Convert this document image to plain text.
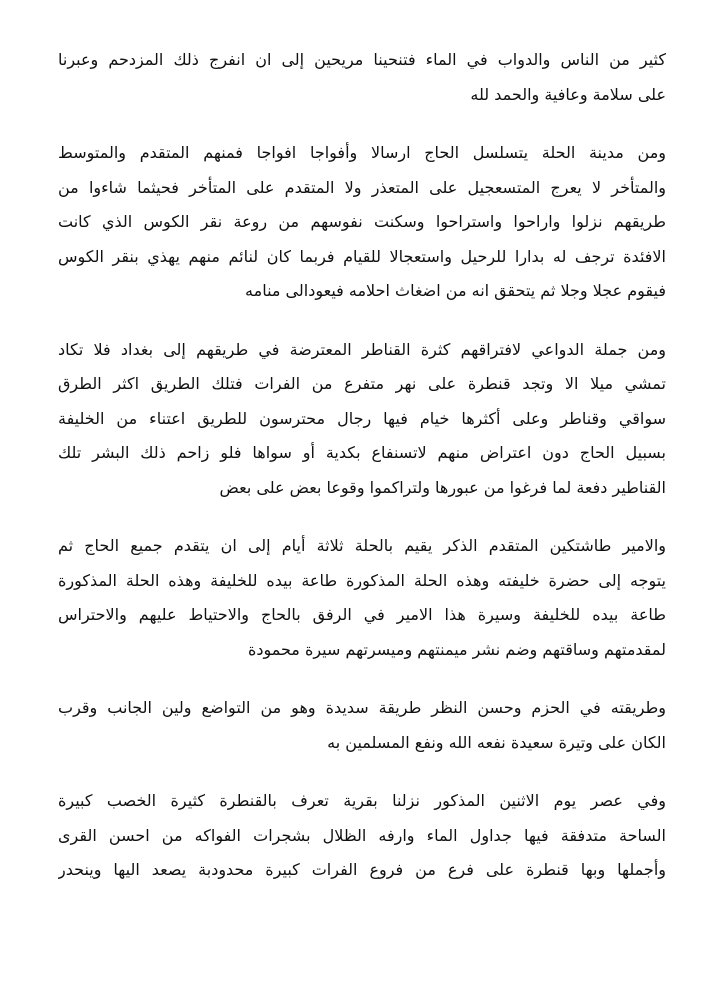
كثير من الناس والدواب في الماء فتنحينا مريحين إلى ان انفرج ذلك المزدحم وعبرنا
على سلامة وعافية والحمد لله
ومن مدينة الحلة يتسلسل الحاج ارسالا وأفواجا افواجا فمنهم المتقدم والمتوسط
والمتأخر لا يعرج المتسعجيل على المتعذر ولا المتقدم على المتأخر فحيثما شاءوا من
طريقهم نزلوا واراحوا واستراحوا وسكنت نفوسهم من روعة نقر الكوس الذي كانت
الافئدة ترجف له بدارا للرحيل واستعجالا للقيام فربما كان لنائم منهم يهذي بنقر الكوس
فيقوم عجلا وجلا ثم يتحقق انه من اضغاث احلامه فيعودالى منامه
ومن جملة الدواعي لافتراقهم كثرة القناطر المعترضة في طريقهم إلى بغداد فلا تكاد
تمشي ميلا الا وتجد قنطرة على نهر متفرع من الفرات فتلك الطريق اكثر الطرق
سواقي وقناطر وعلى أكثرها خيام فيها رجال محترسون للطريق اعتناء من الخليفة
بسبيل الحاج دون اعتراض منهم لاتسنفاع بكدية أو سواها فلو زاحم ذلك البشر تلك
القناطير دفعة لما فرغوا من عبورها ولتراكموا وقوعا بعض على بعض
والامير طاشتكين المتقدم الذكر يقيم بالحلة ثلاثة أيام إلى ان يتقدم جميع الحاج ثم
يتوجه إلى حضرة خليفته وهذه الحلة المذكورة طاعة بيده للخليفة وهذه الحلة المذكورة
طاعة بيده للخليفة وسيرة هذا الامير في الرفق بالحاج والاحتياط عليهم والاحتراس
لمقدمتهم وساقتهم وضم نشر ميمنتهم وميسرتهم سيرة محمودة
وطريقته في الحزم وحسن النظر طريقة سديدة وهو من التواضع ولين الجانب وقرب
الكان على وتيرة سعيدة نفعه الله ونفع المسلمين به
وفي عصر يوم الاثنين المذكور نزلنا بقرية تعرف بالقنطرة كثيرة الخصب كبيرة
الساحة متدفقة فيها جداول الماء وارفه الظلال بشجرات الفواكه من احسن القرى
وأجملها وبها قنطرة على فرع من فروع الفرات كبيرة محدودبة يصعد اليها وينحدر
